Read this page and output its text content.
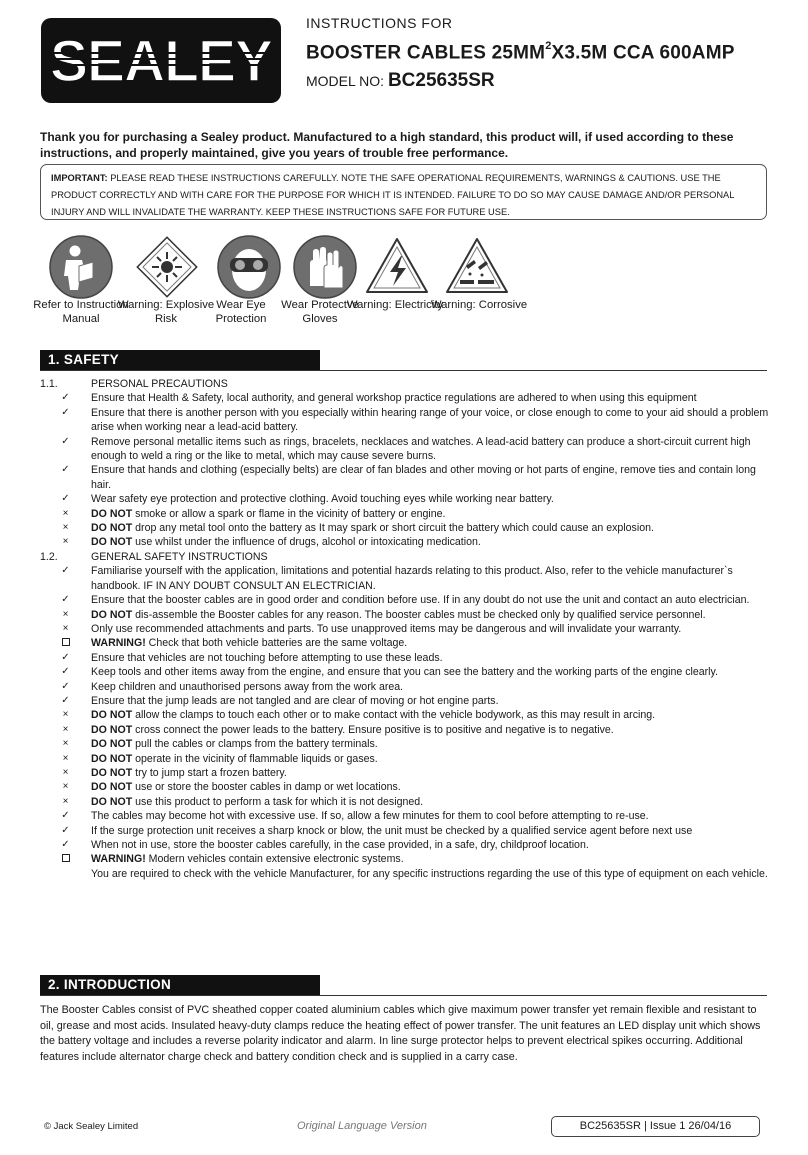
SEALEY
INSTRUCTIONS FOR
BOOSTER CABLES $25MM^2X3.5M$ CCA 600AMP
MODEL NO: BC25635SR
Thank you for purchasing a Sealey product. Manufactured to a high standard, this product will, if used according to these instructions, and properly maintained, give you years of trouble free performance.
IMPORTANT: PLEASE READ THESE INSTRUCTIONS CAREFULLY. NOTE THE SAFE OPERATIONAL REQUIREMENTS, WARNINGS & CAUTIONS. USE THE PRODUCT CORRECTLY AND WITH CARE FOR THE PURPOSE FOR WHICH IT IS INTENDED. FAILURE TO DO SO MAY CAUSE DAMAGE AND/OR PERSONAL INJURY AND WILL INVALIDATE THE WARRANTY. KEEP THESE INSTRUCTIONS SAFE FOR FUTURE USE.
Refer to Instruction Manual
Warning: Explosive Risk
Wear Eye Protection
Wear Protectve Gloves
Warning: Electricity
Warning: Corrosive
1. SAFETY
1.1.	PERSONAL PRECAUTIONS
✓	Ensure that Health & Safety, local authority, and general workshop practice regulations are adhered to when using this equipment
✓	Ensure that there is another person with you especially within hearing range of your voice, or close enough to come to your aid should a problem arise when working near a lead-acid battery.
✓	Remove personal metallic items such as rings, bracelets, necklaces and watches. A lead-acid battery can produce a short-circuit current high enough to weld a ring or the like to metal, which may cause severe burns.
✓	Ensure that hands and clothing (especially belts) are clear of fan blades and other moving or hot parts of engine, remove ties and contain long hair.
✓	Wear safety eye protection and protective clothing. Avoid touching eyes while working near battery.
×	DO NOT smoke or allow a spark or flame in the vicinity of battery or engine.
×	DO NOT drop any metal tool onto the battery as It may spark or short circuit the battery which could cause an explosion.
×	DO NOT use whilst under the influence of drugs, alcohol or intoxicating medication.
1.2.	GENERAL SAFETY INSTRUCTIONS
✓	Familiarise yourself with the application, limitations and potential hazards relating to this product. Also, refer to the vehicle manufacturer`s handbook. IF IN ANY DOUBT CONSULT AN ELECTRICIAN.
✓	Ensure that the booster cables are in good order and condition before use. If in any doubt do not use the unit and contact an auto electrician.
×	DO NOT dis-assemble the Booster cables for any reason. The booster cables must be checked only by qualified service personnel.
×	Only use recommended attachments and parts. To use unapproved items may be dangerous and will invalidate your warranty.
WARNING! Check that both vehicle batteries are the same voltage.
✓	Ensure that vehicles are not touching before attempting to use these leads.
✓	Keep tools and other items away from the engine, and ensure that you can see the battery and the working parts of the engine clearly.
✓	Keep children and unauthorised persons away from the work area.
✓	Ensure that the jump leads are not tangled and are clear of moving or hot engine parts.
×	DO NOT allow the clamps to touch each other or to make contact with the vehicle bodywork, as this may result in arcing.
×	DO NOT cross connect the power leads to the battery. Ensure positive is to positive and negative is to negative.
×	DO NOT pull the cables or clamps from the battery terminals.
×	DO NOT operate in the vicinity of flammable liquids or gases.
×	DO NOT try to jump start a frozen battery.
×	DO NOT use or store the booster cables in damp or wet locations.
×	DO NOT use this product to perform a task for which it is not designed.
✓	The cables may become hot with excessive use. If so, allow a few minutes for them to cool before attempting to re-use.
✓	If the surge protection unit receives a sharp knock or blow, the unit must be checked by a qualified service agent before next use
✓	When not in use, store the booster cables carefully, in the case provided, in a safe, dry, childproof location.
WARNING! Modern vehicles contain extensive electronic systems.
You are required to check with the vehicle Manufacturer, for any specific instructions regarding the use of this type of equipment on each vehicle.
2. INTRODUCTION
The Booster Cables consist of PVC sheathed copper coated aluminium cables which give maximum power transfer yet remain flexible and resistant to oil, grease and most acids. Insulated heavy-duty clamps reduce the heating effect of power transfer. The unit features an LED display unit which shows the battery voltage and includes a reverse polarity indicator and alarm. In line surge protector helps to prevent electrical spikes occurring. Additional features include alternator charge check and battery condition check and is supplied in a carry case.
© Jack Sealey Limited	Original Language Version	BC25635SR | Issue 1 26/04/16
